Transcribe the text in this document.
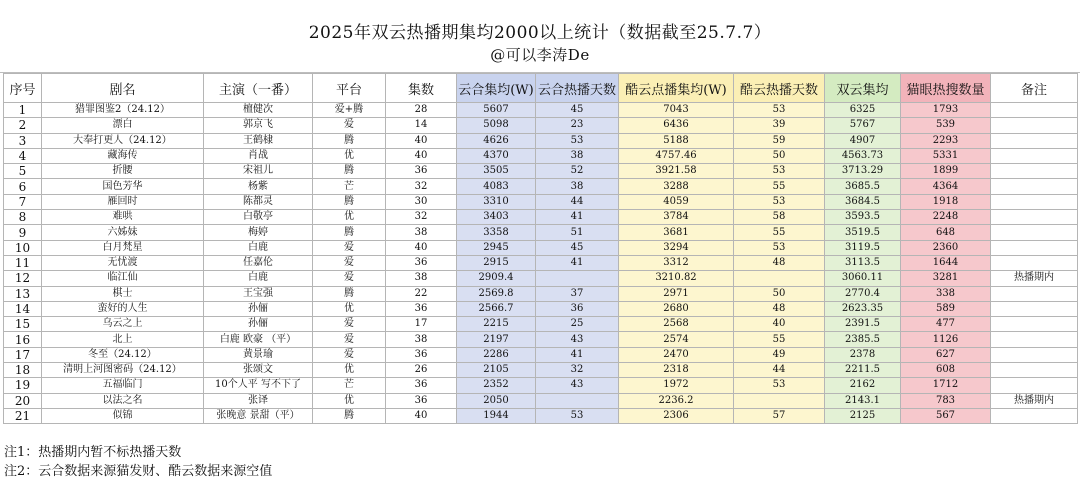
2025年双云热播期集均2000以上统计（数据截至25.7.7）
@可以李涛De
序号	剧名	主演（一番）	平台	集数	云合集均(W)	云合热播天数	酷云点播集均(W)	酷云热播天数	双云集均	猫眼热搜数量	备注
1	猎罪图鉴2（24.12）	檀健次	爱+腾	28	5607	45	7043	53	6325	1793	
2	漂白	郭京飞	爱	14	5098	23	6436	39	5767	539	
3	大奉打更人（24.12）	王鹤棣	腾	40	4626	53	5188	59	4907	2293	
4	藏海传	肖战	优	40	4370	38	4757.46	50	4563.73	5331	
5	折腰	宋祖儿	腾	36	3505	52	3921.58	53	3713.29	1899	
6	国色芳华	杨紫	芒	32	4083	38	3288	55	3685.5	4364	
7	雁回时	陈都灵	腾	30	3310	44	4059	53	3684.5	1918	
8	难哄	白敬亭	优	32	3403	41	3784	58	3593.5	2248	
9	六姊妹	梅婷	腾	38	3358	51	3681	55	3519.5	648	
10	白月梵星	白鹿	爱	40	2945	45	3294	53	3119.5	2360	
11	无忧渡	任嘉伦	爱	36	2915	41	3312	48	3113.5	1644	
12	临江仙	白鹿	爱	38	2909.4		3210.82		3060.11	3281	热播期内
13	棋士	王宝强	腾	22	2569.8	37	2971	50	2770.4	338	
14	蛮好的人生	孙俪	优	36	2566.7	36	2680	48	2623.35	589	
15	乌云之上	孙俪	爱	17	2215	25	2568	40	2391.5	477	
16	北上	白鹿 欧豪 （平）	爱	38	2197	43	2574	55	2385.5	1126	
17	冬至（24.12）	黄景瑜	爱	36	2286	41	2470	49	2378	627	
18	清明上河图密码（24.12）	张颂文	优	26	2105	32	2318	44	2211.5	608	
19	五福临门	10个人平 写不下了	芒	36	2352	43	1972	53	2162	1712	
20	以法之名	张译	优	36	2050		2236.2		2143.1	783	热播期内
21	似锦	张晚意 景甜（平）	腾	40	1944	53	2306	57	2125	567	
注1：热播期内暂不标热播天数
注2：云合数据来源猫发财、酷云数据来源空值
